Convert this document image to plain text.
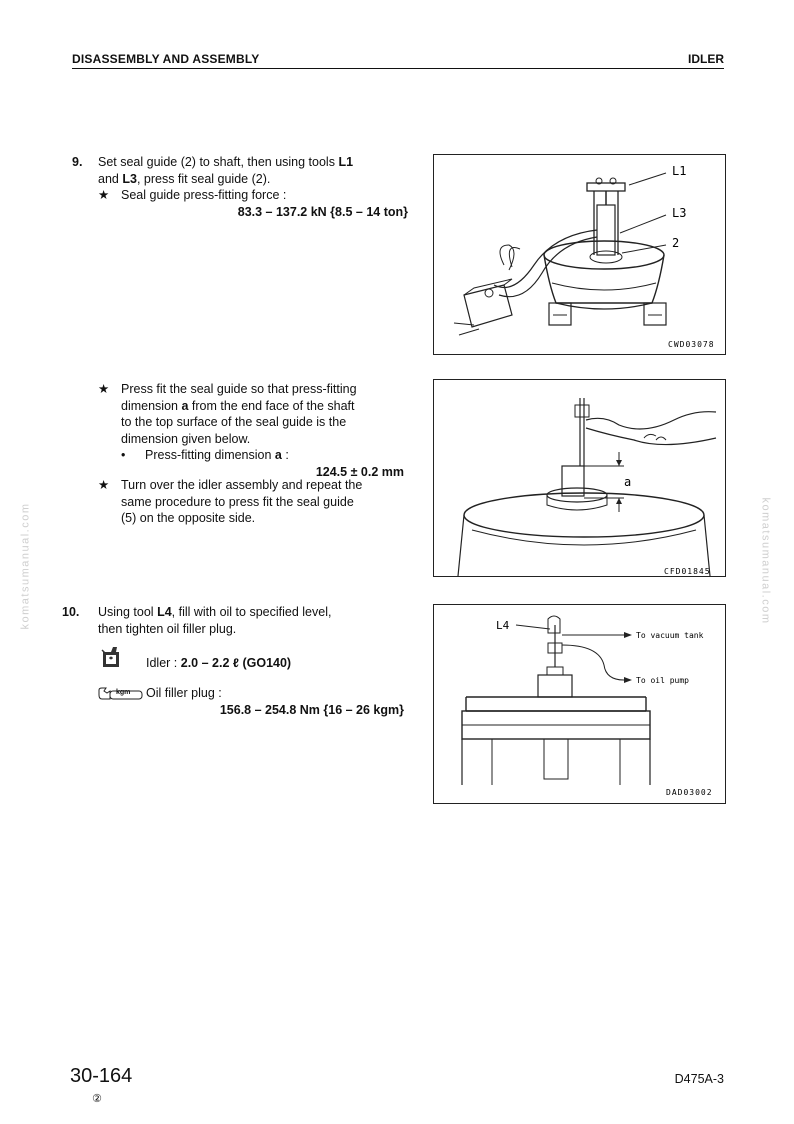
DISASSEMBLY AND ASSEMBLY	IDLER
komatsumanual.com	komatsumanual.com
9. Set seal guide (2) to shaft, then using tools L1
and L3, press fit seal guide (2).
★ Seal guide press-fitting force :
83.3 – 137.2 kN {8.5 – 14 ton}
★ Press fit the seal guide so that press-fitting
dimension a from the end face of the shaft
to the top surface of the seal guide is the
dimension given below.
• Press-fitting dimension a :
124.5 ± 0.2 mm
★ Turn over the idler assembly and repeat the
same procedure to press fit the seal guide
(5) on the opposite side.
10. Using tool L4, fill with oil to specified level,
then tighten oil filler plug.
Idler : 2.0 – 2.2 ℓ (GO140)
kgm Oil filler plug :
156.8 – 254.8 Nm {16 – 26 kgm}
L1
L3
2
CWD03078
a
CFD01845
L4
To vacuum tank
To oil pump
DAD03002
30-164
②
D475A-3
